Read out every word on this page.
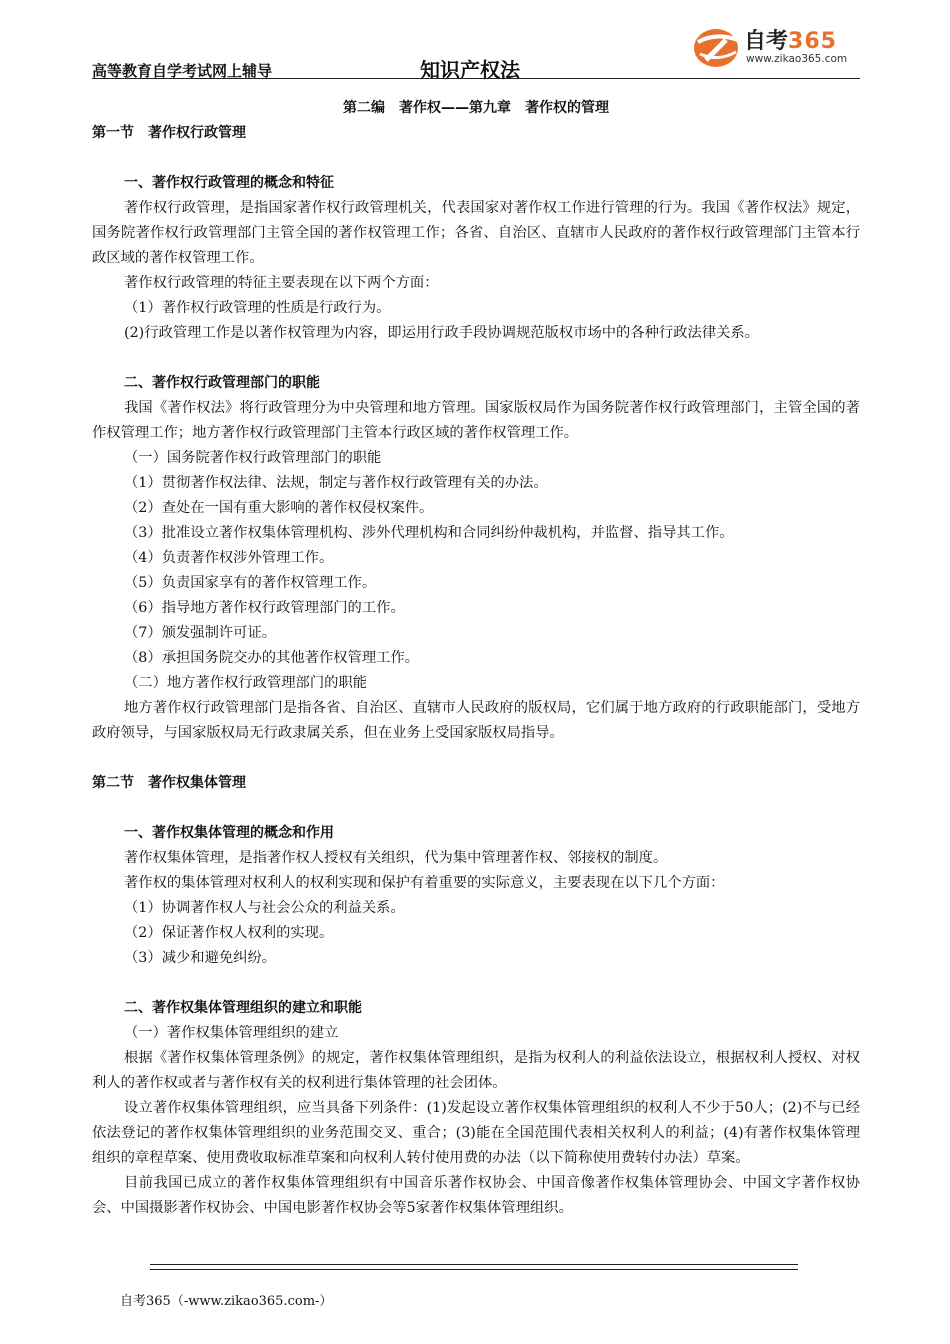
高等教育自学考试网上辅导	知识产权法
自考365
www.zikao365.com

第二编　著作权——第九章　著作权的管理

第一节　著作权行政管理

一、著作权行政管理的概念和特征

著作权行政管理，是指国家著作权行政管理机关，代表国家对著作权工作进行管理的行为。我国《著作权法》规定，国务院著作权行政管理部门主管全国的著作权管理工作；各省、自治区、直辖市人民政府的著作权行政管理部门主管本行政区域的著作权管理工作。

著作权行政管理的特征主要表现在以下两个方面：

（1）著作权行政管理的性质是行政行为。

(2)行政管理工作是以著作权管理为内容，即运用行政手段协调规范版权市场中的各种行政法律关系。

二、著作权行政管理部门的职能

我国《著作权法》将行政管理分为中央管理和地方管理。国家版权局作为国务院著作权行政管理部门，主管全国的著作权管理工作；地方著作权行政管理部门主管本行政区域的著作权管理工作。

（一）国务院著作权行政管理部门的职能

（1）贯彻著作权法律、法规，制定与著作权行政管理有关的办法。

（2）查处在一国有重大影响的著作权侵权案件。

（3）批准设立著作权集体管理机构、涉外代理机构和合同纠纷仲裁机构，并监督、指导其工作。

（4）负责著作权涉外管理工作。

（5）负责国家享有的著作权管理工作。

（6）指导地方著作权行政管理部门的工作。

（7）颁发强制许可证。

（8）承担国务院交办的其他著作权管理工作。

（二）地方著作权行政管理部门的职能

地方著作权行政管理部门是指各省、自治区、直辖市人民政府的版权局，它们属于地方政府的行政职能部门，受地方政府领导，与国家版权局无行政隶属关系，但在业务上受国家版权局指导。

第二节　著作权集体管理

一、著作权集体管理的概念和作用

著作权集体管理，是指著作权人授权有关组织，代为集中管理著作权、邻接权的制度。

著作权的集体管理对权利人的权利实现和保护有着重要的实际意义，主要表现在以下几个方面：

（1）协调著作权人与社会公众的利益关系。

（2）保证著作权人权利的实现。

（3）减少和避免纠纷。

二、著作权集体管理组织的建立和职能

（一）著作权集体管理组织的建立

根据《著作权集体管理条例》的规定，著作权集体管理组织，是指为权利人的利益依法设立，根据权利人授权、对权利人的著作权或者与著作权有关的权利进行集体管理的社会团体。

设立著作权集体管理组织，应当具备下列条件：(1)发起设立著作权集体管理组织的权利人不少于50人；(2)不与已经依法登记的著作权集体管理组织的业务范围交叉、重合；(3)能在全国范围代表相关权利人的利益；(4)有著作权集体管理组织的章程草案、使用费收取标准草案和向权利人转付使用费的办法（以下简称使用费转付办法）草案。

目前我国已成立的著作权集体管理组织有中国音乐著作权协会、中国音像著作权集体管理协会、中国文字著作权协会、中国摄影著作权协会、中国电影著作权协会等5家著作权集体管理组织。

自考365（-www.zikao365.com-）
